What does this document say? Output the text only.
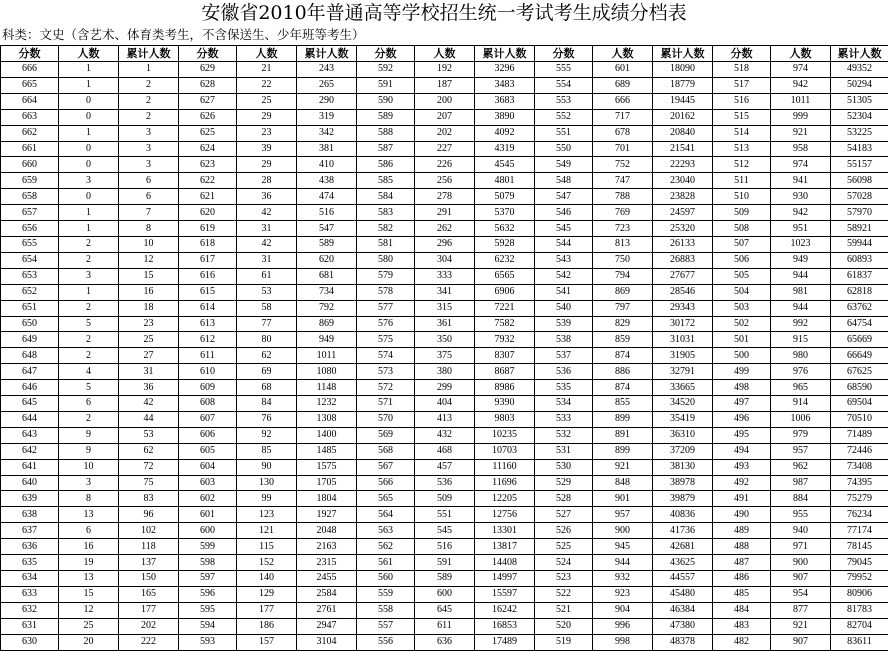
安徽省2010年普通高等学校招生统一考试考生成绩分档表
科类：文史（含艺术、体育类考生，不含保送生、少年班等考生）
分数	人数	累计人数	分数	人数	累计人数	分数	人数	累计人数	分数	人数	累计人数	分数	人数	累计人数
666	1	1	629	21	243	592	192	3296	555	601	18090	518	974	49352
665	1	2	628	22	265	591	187	3483	554	689	18779	517	942	50294
664	0	2	627	25	290	590	200	3683	553	666	19445	516	1011	51305
663	0	2	626	29	319	589	207	3890	552	717	20162	515	999	52304
662	1	3	625	23	342	588	202	4092	551	678	20840	514	921	53225
661	0	3	624	39	381	587	227	4319	550	701	21541	513	958	54183
660	0	3	623	29	410	586	226	4545	549	752	22293	512	974	55157
659	3	6	622	28	438	585	256	4801	548	747	23040	511	941	56098
658	0	6	621	36	474	584	278	5079	547	788	23828	510	930	57028
657	1	7	620	42	516	583	291	5370	546	769	24597	509	942	57970
656	1	8	619	31	547	582	262	5632	545	723	25320	508	951	58921
655	2	10	618	42	589	581	296	5928	544	813	26133	507	1023	59944
654	2	12	617	31	620	580	304	6232	543	750	26883	506	949	60893
653	3	15	616	61	681	579	333	6565	542	794	27677	505	944	61837
652	1	16	615	53	734	578	341	6906	541	869	28546	504	981	62818
651	2	18	614	58	792	577	315	7221	540	797	29343	503	944	63762
650	5	23	613	77	869	576	361	7582	539	829	30172	502	992	64754
649	2	25	612	80	949	575	350	7932	538	859	31031	501	915	65669
648	2	27	611	62	1011	574	375	8307	537	874	31905	500	980	66649
647	4	31	610	69	1080	573	380	8687	536	886	32791	499	976	67625
646	5	36	609	68	1148	572	299	8986	535	874	33665	498	965	68590
645	6	42	608	84	1232	571	404	9390	534	855	34520	497	914	69504
644	2	44	607	76	1308	570	413	9803	533	899	35419	496	1006	70510
643	9	53	606	92	1400	569	432	10235	532	891	36310	495	979	71489
642	9	62	605	85	1485	568	468	10703	531	899	37209	494	957	72446
641	10	72	604	90	1575	567	457	11160	530	921	38130	493	962	73408
640	3	75	603	130	1705	566	536	11696	529	848	38978	492	987	74395
639	8	83	602	99	1804	565	509	12205	528	901	39879	491	884	75279
638	13	96	601	123	1927	564	551	12756	527	957	40836	490	955	76234
637	6	102	600	121	2048	563	545	13301	526	900	41736	489	940	77174
636	16	118	599	115	2163	562	516	13817	525	945	42681	488	971	78145
635	19	137	598	152	2315	561	591	14408	524	944	43625	487	900	79045
634	13	150	597	140	2455	560	589	14997	523	932	44557	486	907	79952
633	15	165	596	129	2584	559	600	15597	522	923	45480	485	954	80906
632	12	177	595	177	2761	558	645	16242	521	904	46384	484	877	81783
631	25	202	594	186	2947	557	611	16853	520	996	47380	483	921	82704
630	20	222	593	157	3104	556	636	17489	519	998	48378	482	907	83611
